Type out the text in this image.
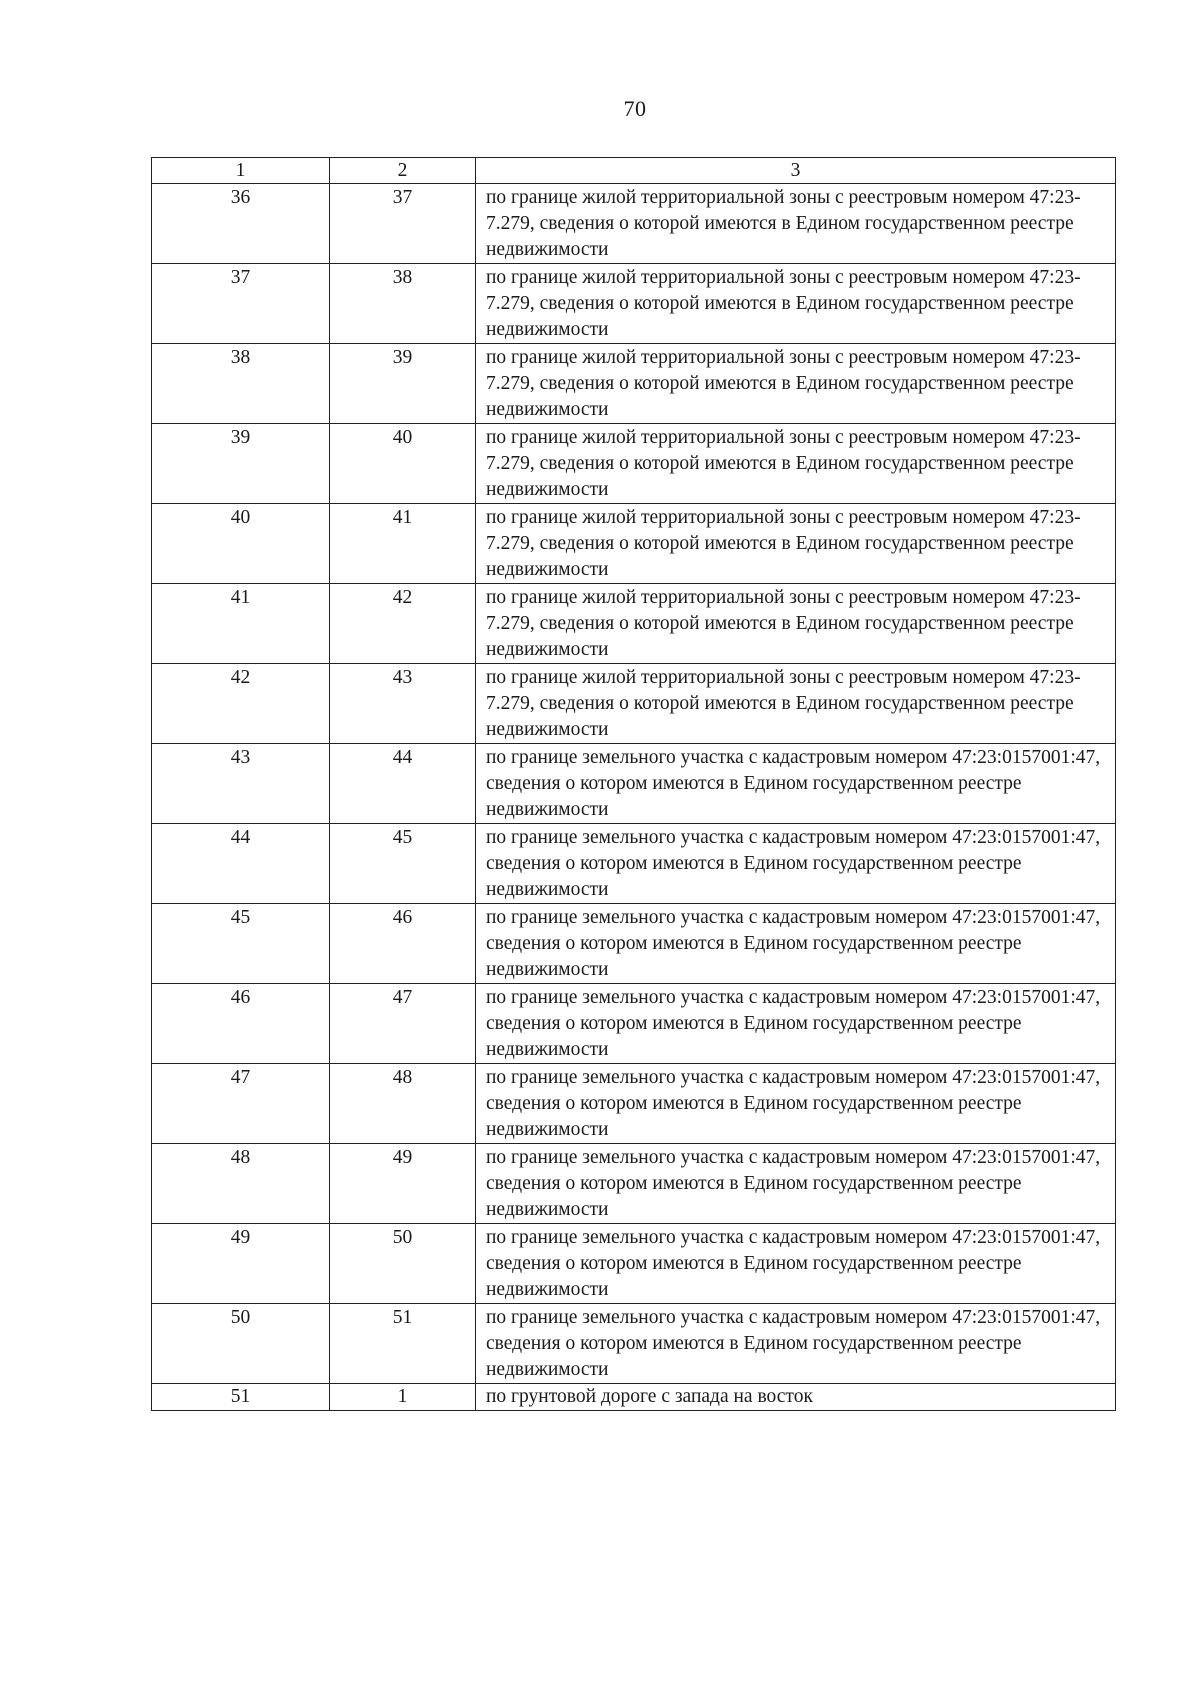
70
1	2	3
36	37	по границе жилой территориальной зоны с реестровым номером 47:23- 7.279, сведения о которой имеются в Едином государственном реестре недвижимости
37	38	по границе жилой территориальной зоны с реестровым номером 47:23-7.279, сведения о которой имеются в Едином государственном реестре недвижимости
38	39	по границе жилой территориальной зоны с реестровым номером 47:23- 7.279, сведения о которой имеются в Едином государственном реестре недвижимости
39	40	по границе жилой территориальной зоны с реестровым номером 47:23- 7.279, сведения о которой имеются в Едином государственном реестре недвижимости
40	41	по границе жилой территориальной зоны с реестровым номером 47:23- 7.279, сведения о которой имеются в Едином государственном реестре недвижимости
41	42	по границе жилой территориальной зоны с реестровым номером 47:23- 7.279, сведения о которой имеются в Едином государственном реестре недвижимости
42	43	по границе жилой территориальной зоны с реестровым номером 47:23-7.279, сведения о которой имеются в Едином государственном реестре недвижимости
43	44	по границе земельного участка с кадастровым номером 47:23:0157001:47, сведения о котором имеются в Едином государственном реестре недвижимости
44	45	по границе земельного участка с кадастровым номером 47:23:0157001:47, сведения о котором имеются в Едином государственном реестре недвижимости
45	46	по границе земельного участка с кадастровым номером 47:23:0157001:47, сведения о котором имеются в Едином государственном реестре недвижимости
46	47	по границе земельного участка с кадастровым номером 47:23:0157001:47, сведения о котором имеются в Едином государственном реестре недвижимости
47	48	по границе земельного участка с кадастровым номером 47:23:0157001:47, сведения о котором имеются в Едином государственном реестре недвижимости
48	49	по границе земельного участка с кадастровым номером 47:23:0157001:47, сведения о котором имеются в Едином государственном реестре недвижимости
49	50	по границе земельного участка с кадастровым номером 47:23:0157001:47, сведения о котором имеются в Едином государственном реестре недвижимости
50	51	по границе земельного участка с кадастровым номером 47:23:0157001:47, сведения о котором имеются в Едином государственном реестре недвижимости
51	1	по грунтовой дороге с запада на восток
